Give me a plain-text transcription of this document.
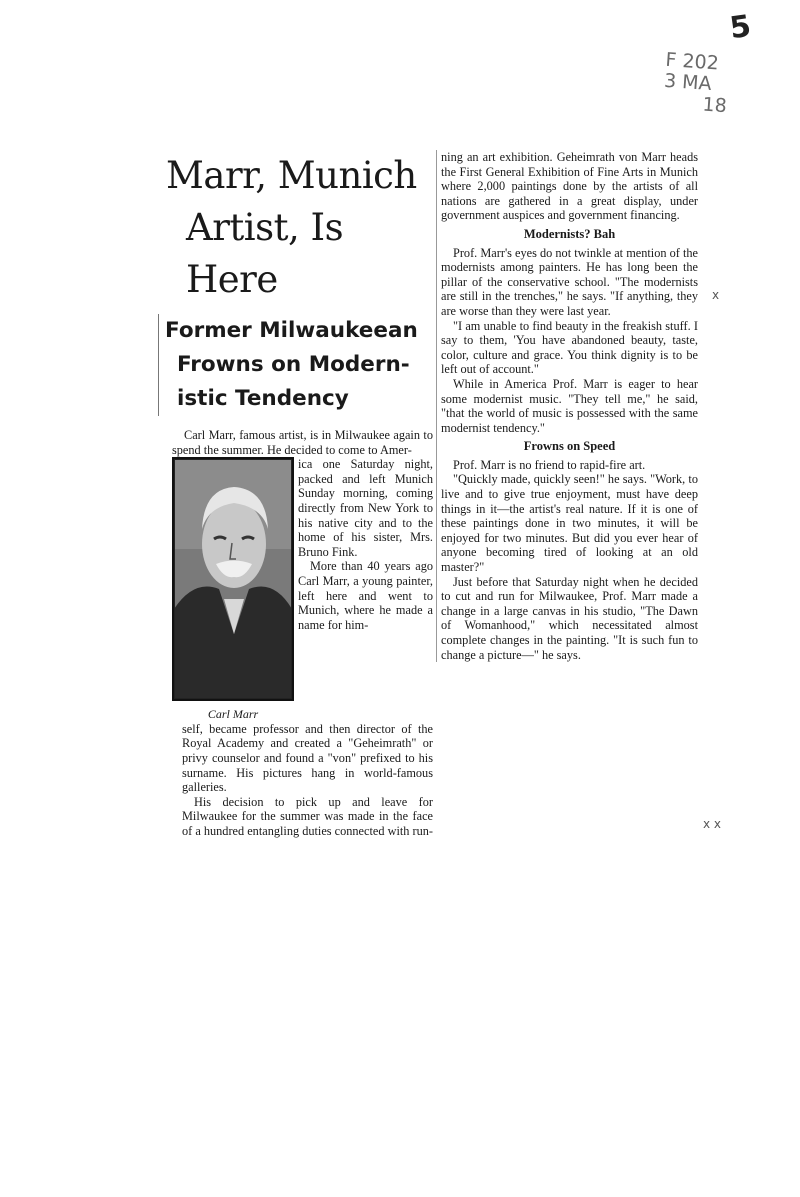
5
F 202
3 MA
18
x
x x
Marr, Munich
Artist, Is Here
Former Milwaukeean
Frowns on Modern-
istic Tendency

Carl Marr, famous artist, is in Milwaukee again to spend the summer. He decided to come to Amer-

Carl Marr

ica one Saturday night, packed and left Munich Sunday morning, coming directly from New York to his native city and to the home of his sister, Mrs. Bruno Fink.

More than 40 years ago Carl Marr, a young painter, left here and went to Munich, where he made a name for him-

self, became professor and then director of the Royal Academy and created a "Geheimrath" or privy counselor and found a "von" prefixed to his surname. His pictures hang in world-famous galleries.

His decision to pick up and leave for Milwaukee for the summer was made in the face of a hundred entangling duties connected with run-

ning an art exhibition. Geheimrath von Marr heads the First General Exhibition of Fine Arts in Munich where 2,000 paintings done by the artists of all nations are gathered in a great display, under government auspices and government financing.

Modernists? Bah

Prof. Marr's eyes do not twinkle at mention of the modernists among painters. He has long been the pillar of the conservative school. "The modernists are still in the trenches," he says. "If anything, they are worse than they were last year.

"I am unable to find beauty in the freakish stuff. I say to them, 'You have abandoned beauty, taste, color, culture and grace. You think dignity is to be left out of account."

While in America Prof. Marr is eager to hear some modernist music. "They tell me," he said, "that the world of music is possessed with the same modernist tendency."

Frowns on Speed

Prof. Marr is no friend to rapid-fire art.

"Quickly made, quickly seen!" he says. "Work, to live and to give true enjoyment, must have deep things in it—the artist's real nature. If it is one of these paintings done in two minutes, it will be enjoyed for two minutes. But did you ever hear of anyone becoming tired of looking at an old master?"

Just before that Saturday night when he decided to cut and run for Milwaukee, Prof. Marr made a change in a large canvas in his studio, "The Dawn of Womanhood," which necessitated almost complete changes in the painting. "It is such fun to change a picture—" he says.
